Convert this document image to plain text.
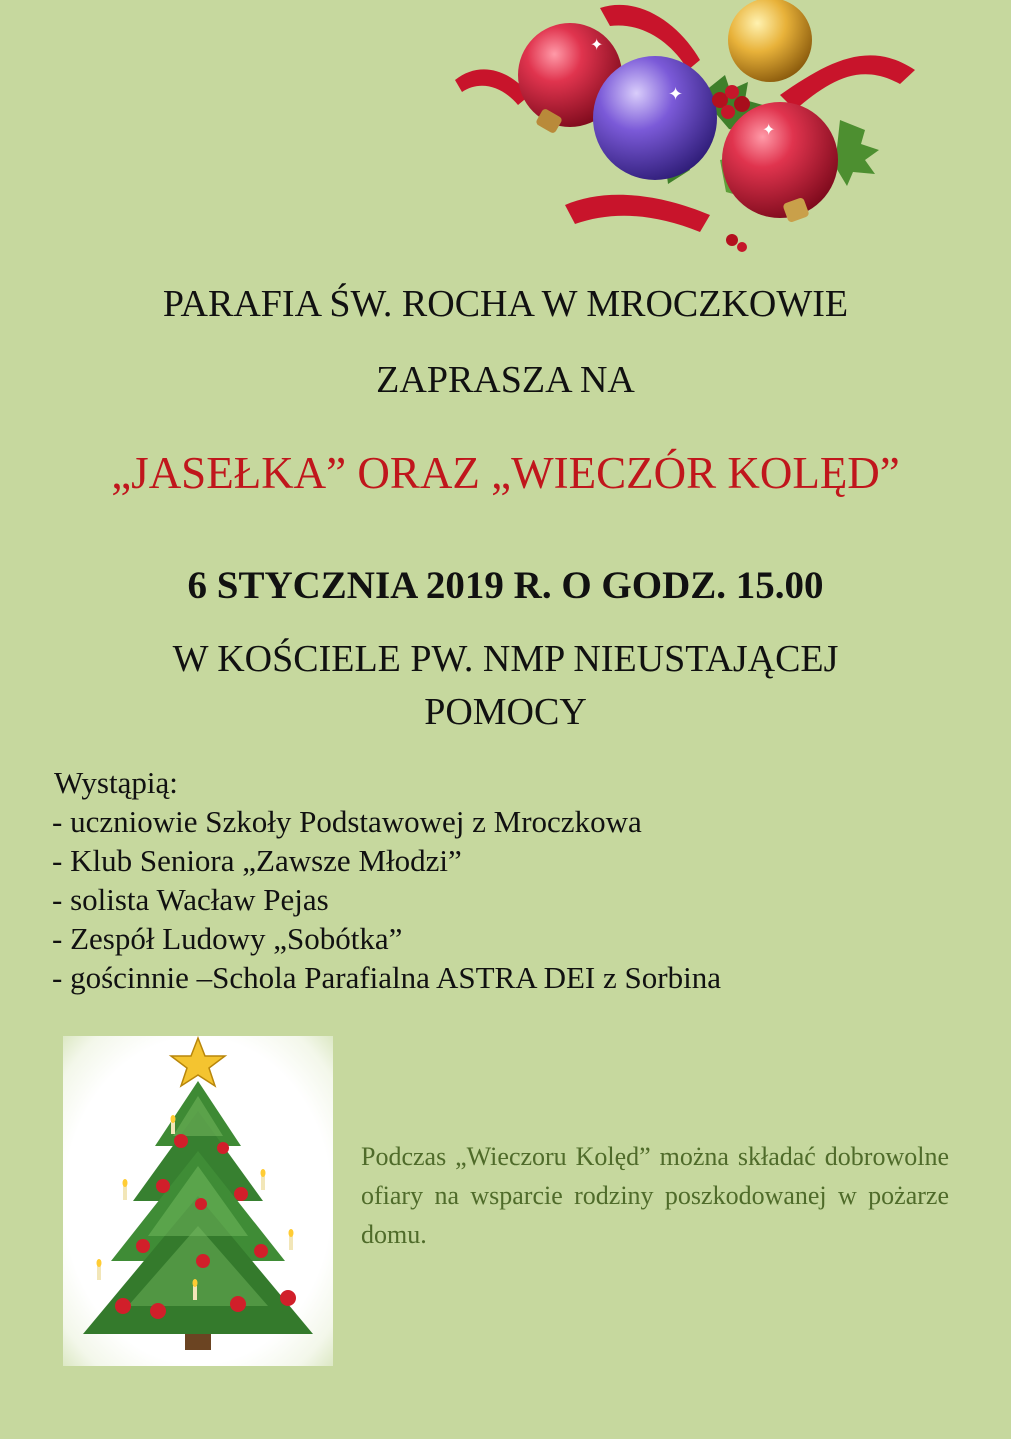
✦
✦
✦

PARAFIA ŚW. ROCHA W MROCZKOWIE

ZAPRASZA NA

„JASEŁKA” ORAZ „WIECZÓR KOLĘD”

6 STYCZNIA 2019 R. O GODZ. 15.00

W KOŚCIELE PW. NMP NIEUSTAJĄCEJ

POMOCY

Wystąpią:
- uczniowie Szkoły Podstawowej z Mroczkowa
- Klub Seniora „Zawsze Młodzi”
- solista Wacław Pejas
- Zespół Ludowy „Sobótka”
- gościnnie –Schola Parafialna ASTRA DEI z Sorbina

Podczas „Wieczoru Kolęd” można składać dobrowolne ofiary na wsparcie rodziny poszkodowanej w pożarze domu.
